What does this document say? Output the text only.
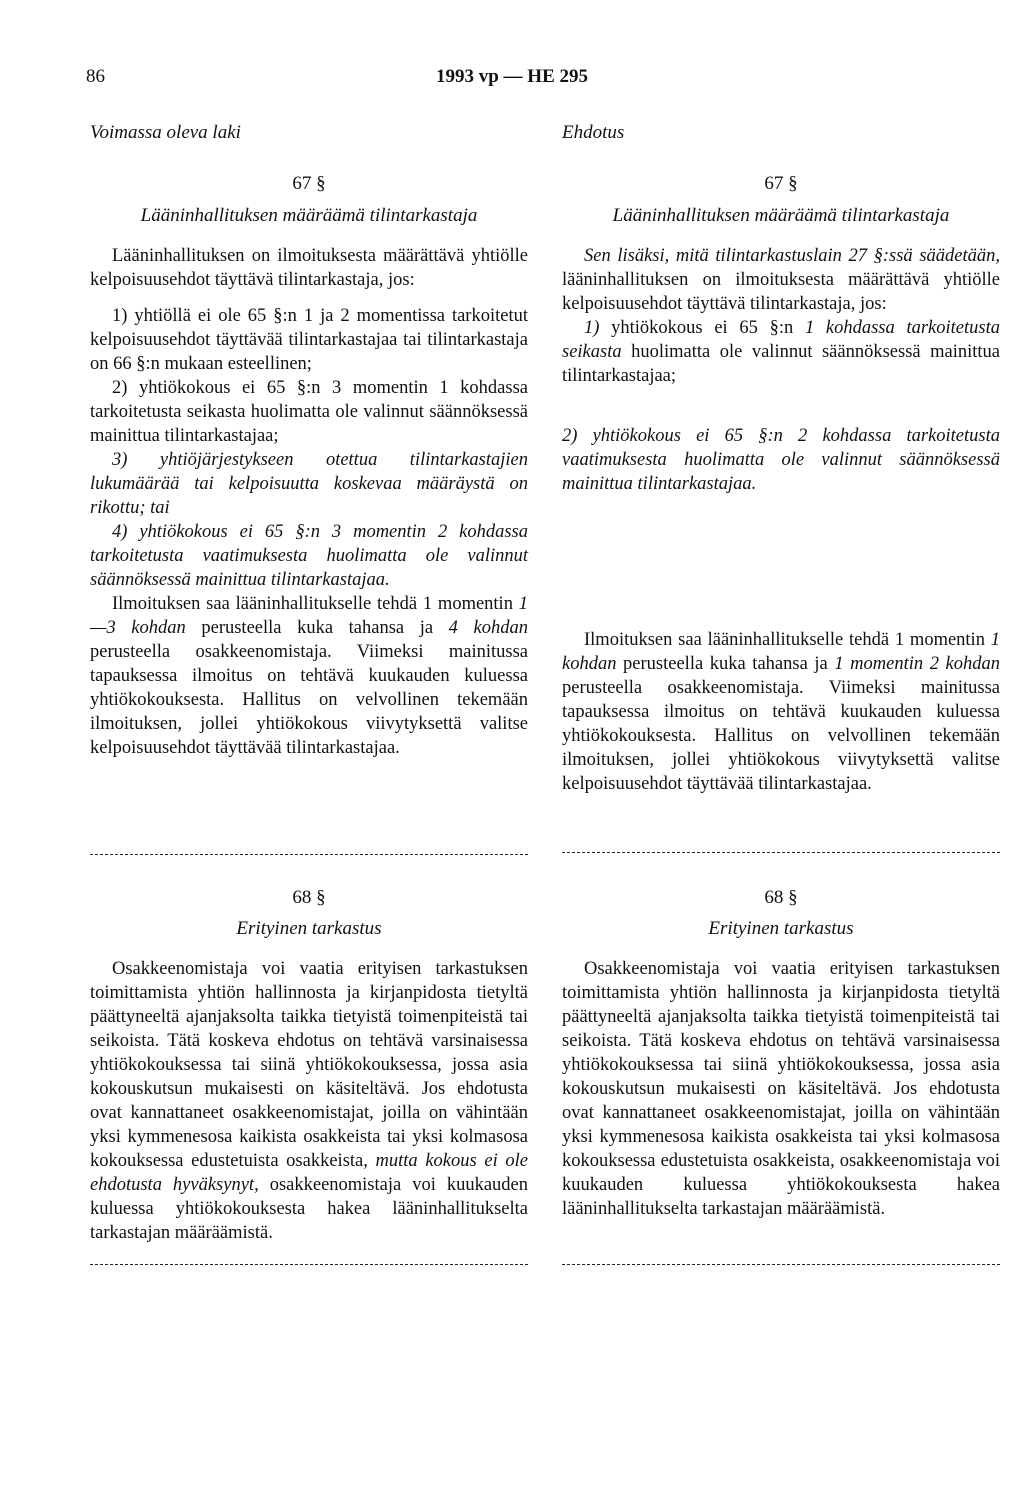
86	1993 vp — HE 295
Voimassa oleva laki	Ehdotus
67 §
Lääninhallituksen määräämä tilintarkastaja

Lääninhallituksen on ilmoituksesta määrättävä yhtiölle kelpoisuusehdot täyttävä tilintarkastaja, jos:

1) yhtiöllä ei ole 65 §:n 1 ja 2 momentissa tarkoitetut kelpoisuusehdot täyttävää tilintarkastajaa tai tilintarkastaja on 66 §:n mukaan esteellinen;

2) yhtiökokous ei 65 §:n 3 momentin 1 kohdassa tarkoitetusta seikasta huolimatta ole valinnut säännöksessä mainittua tilintarkastajaa;

3) yhtiöjärjestykseen otettua tilintarkastajien lukumäärää tai kelpoisuutta koskevaa määräystä on rikottu; tai

4) yhtiökokous ei 65 §:n 3 momentin 2 kohdassa tarkoitetusta vaatimuksesta huolimatta ole valinnut säännöksessä mainittua tilintarkastajaa.

Ilmoituksen saa lääninhallitukselle tehdä 1 momentin 1—3 kohdan perusteella kuka tahansa ja 4 kohdan perusteella osakkeenomistaja. Viimeksi mainitussa tapauksessa ilmoitus on tehtävä kuukauden kuluessa yhtiökokouksesta. Hallitus on velvollinen tekemään ilmoituksen, jollei yhtiökokous viivytyksettä valitse kelpoisuusehdot täyttävää tilintarkastajaa.

67 §
Lääninhallituksen määräämä tilintarkastaja

Sen lisäksi, mitä tilintarkastuslain 27 §:ssä säädetään, lääninhallituksen on ilmoituksesta määrättävä yhtiölle kelpoisuusehdot täyttävä tilintarkastaja, jos:

1) yhtiökokous ei 65 §:n 1 kohdassa tarkoitetusta seikasta huolimatta ole valinnut säännöksessä mainittua tilintarkastajaa;

2) yhtiökokous ei 65 §:n 2 kohdassa tarkoitetusta vaatimuksesta huolimatta ole valinnut säännöksessä mainittua tilintarkastajaa.

Ilmoituksen saa lääninhallitukselle tehdä 1 momentin 1 kohdan perusteella kuka tahansa ja 1 momentin 2 kohdan perusteella osakkeenomistaja. Viimeksi mainitussa tapauksessa ilmoitus on tehtävä kuukauden kuluessa yhtiökokouksesta. Hallitus on velvollinen tekemään ilmoituksen, jollei yhtiökokous viivytyksettä valitse kelpoisuusehdot täyttävää tilintarkastajaa.

68 §
Erityinen tarkastus

Osakkeenomistaja voi vaatia erityisen tarkastuksen toimittamista yhtiön hallinnosta ja kirjanpidosta tietyltä päättyneeltä ajanjaksolta taikka tietyistä toimenpiteistä tai seikoista. Tätä koskeva ehdotus on tehtävä varsinaisessa yhtiökokouksessa tai siinä yhtiökokouksessa, jossa asia kokouskutsun mukaisesti on käsiteltävä. Jos ehdotusta ovat kannattaneet osakkeenomistajat, joilla on vähintään yksi kymmenesosa kaikista osakkeista tai yksi kolmasosa kokouksessa edustetuista osakkeista, mutta kokous ei ole ehdotusta hyväksynyt, osakkeenomistaja voi kuukauden kuluessa yhtiökokouksesta hakea lääninhallitukselta tarkastajan määräämistä.

68 §
Erityinen tarkastus

Osakkeenomistaja voi vaatia erityisen tarkastuksen toimittamista yhtiön hallinnosta ja kirjanpidosta tietyltä päättyneeltä ajanjaksolta taikka tietyistä toimenpiteistä tai seikoista. Tätä koskeva ehdotus on tehtävä varsinaisessa yhtiökokouksessa tai siinä yhtiökokouksessa, jossa asia kokouskutsun mukaisesti on käsiteltävä. Jos ehdotusta ovat kannattaneet osakkeenomistajat, joilla on vähintään yksi kymmenesosa kaikista osakkeista tai yksi kolmasosa kokouksessa edustetuista osakkeista, osakkeenomistaja voi kuukauden kuluessa yhtiökokouksesta hakea lääninhallitukselta tarkastajan määräämistä.
